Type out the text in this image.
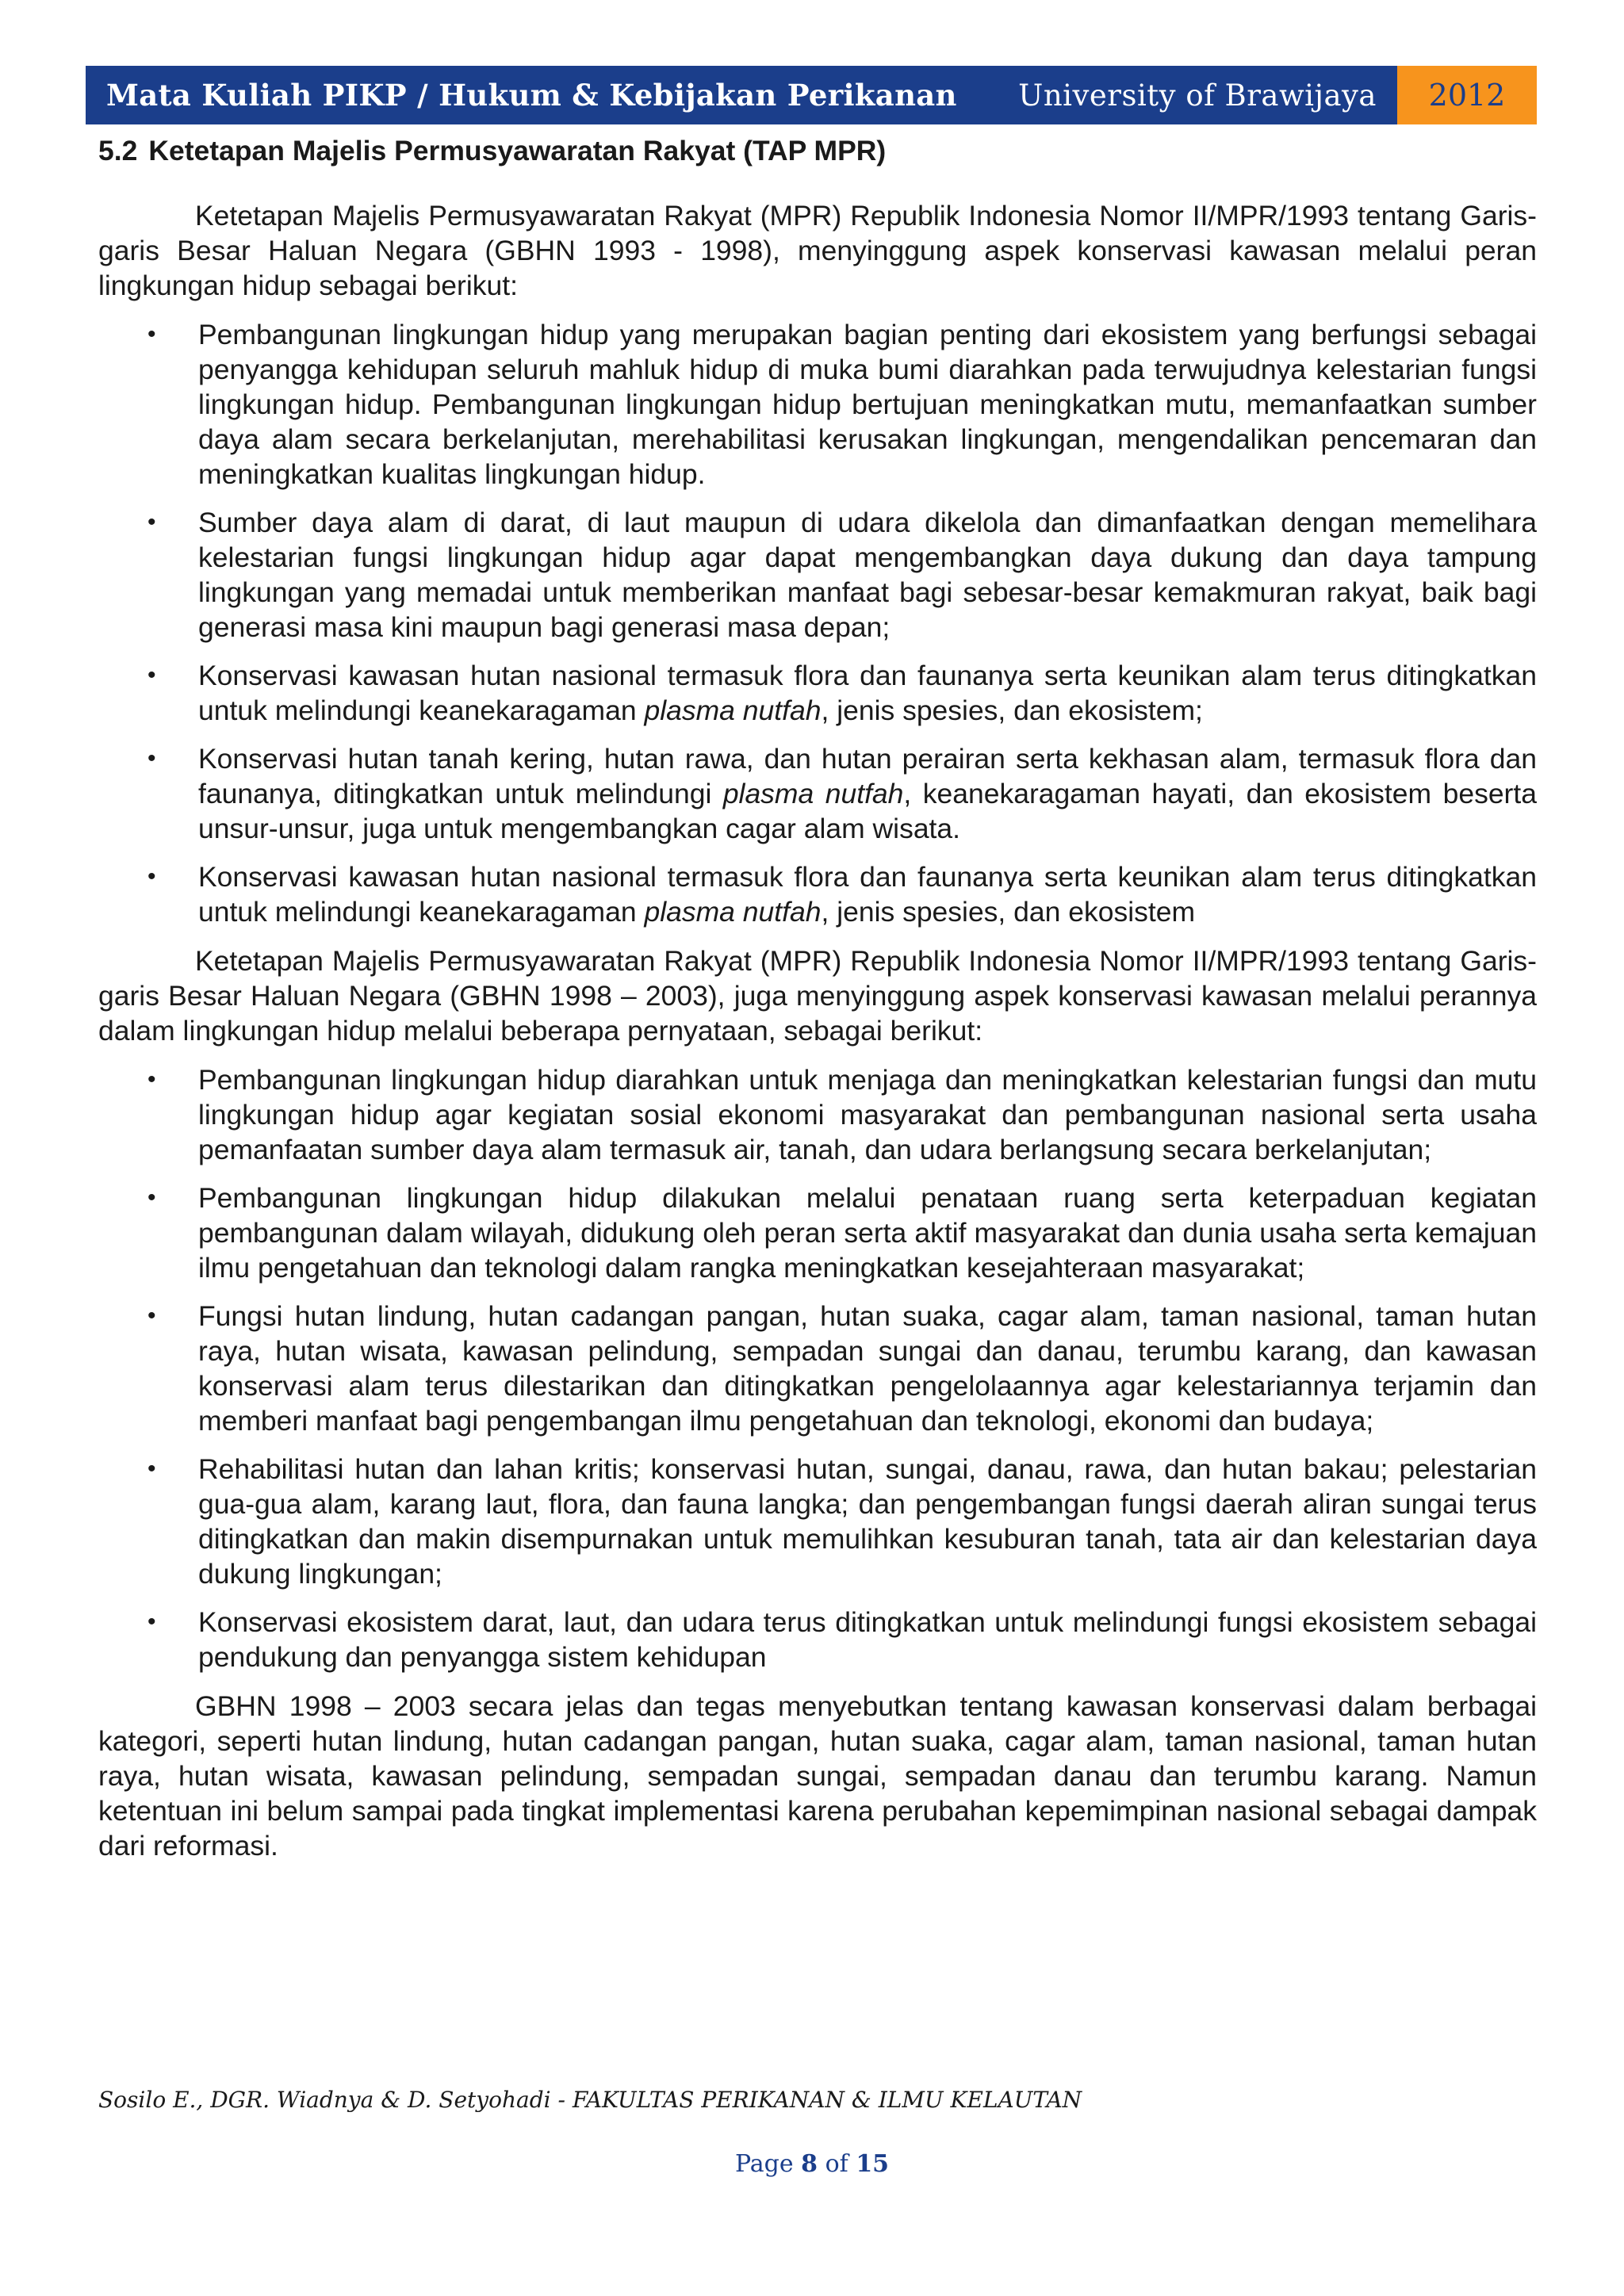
Mata Kuliah PIKP / Hukum & Kebijakan Perikanan University of Brawijaya	2012
5.2 Ketetapan Majelis Permusyawaratan Rakyat (TAP MPR)

Ketetapan Majelis Permusyawaratan Rakyat (MPR) Republik Indonesia Nomor II/MPR/1993 tentang Garis-garis Besar Haluan Negara (GBHN 1993 - 1998), menyinggung aspek konservasi kawasan melalui peran lingkungan hidup sebagai berikut:

• Pembangunan lingkungan hidup yang merupakan bagian penting dari ekosistem yang berfungsi sebagai penyangga kehidupan seluruh mahluk hidup di muka bumi diarahkan pada terwujudnya kelestarian fungsi lingkungan hidup. Pembangunan lingkungan hidup bertujuan meningkatkan mutu, memanfaatkan sumber daya alam secara berkelanjutan, merehabilitasi kerusakan lingkungan, mengendalikan pencemaran dan meningkatkan kualitas lingkungan hidup.
• Sumber daya alam di darat, di laut maupun di udara dikelola dan dimanfaatkan dengan memelihara kelestarian fungsi lingkungan hidup agar dapat mengembangkan daya dukung dan daya tampung lingkungan yang memadai untuk memberikan manfaat bagi sebesar-besar kemakmuran rakyat, baik bagi generasi masa kini maupun bagi generasi masa depan;
• Konservasi kawasan hutan nasional termasuk flora dan faunanya serta keunikan alam terus ditingkatkan untuk melindungi keanekaragaman plasma nutfah, jenis spesies, dan ekosistem;
• Konservasi hutan tanah kering, hutan rawa, dan hutan perairan serta kekhasan alam, termasuk flora dan faunanya, ditingkatkan untuk melindungi plasma nutfah, keanekaragaman hayati, dan ekosistem beserta unsur-unsur, juga untuk mengembangkan cagar alam wisata.
• Konservasi kawasan hutan nasional termasuk flora dan faunanya serta keunikan alam terus ditingkatkan untuk melindungi keanekaragaman plasma nutfah, jenis spesies, dan ekosistem

Ketetapan Majelis Permusyawaratan Rakyat (MPR) Republik Indonesia Nomor II/MPR/1993 tentang Garis-garis Besar Haluan Negara (GBHN 1998 – 2003), juga menyinggung aspek konservasi kawasan melalui perannya dalam lingkungan hidup melalui beberapa pernyataan, sebagai berikut:

• Pembangunan lingkungan hidup diarahkan untuk menjaga dan meningkatkan kelestarian fungsi dan mutu lingkungan hidup agar kegiatan sosial ekonomi masyarakat dan pembangunan nasional serta usaha pemanfaatan sumber daya alam termasuk air, tanah, dan udara berlangsung secara berkelanjutan;
• Pembangunan lingkungan hidup dilakukan melalui penataan ruang serta keterpaduan kegiatan pembangunan dalam wilayah, didukung oleh peran serta aktif masyarakat dan dunia usaha serta kemajuan ilmu pengetahuan dan teknologi dalam rangka meningkatkan kesejahteraan masyarakat;
• Fungsi hutan lindung, hutan cadangan pangan, hutan suaka, cagar alam, taman nasional, taman hutan raya, hutan wisata, kawasan pelindung, sempadan sungai dan danau, terumbu karang, dan kawasan konservasi alam terus dilestarikan dan ditingkatkan pengelolaannya agar kelestariannya terjamin dan memberi manfaat bagi pengembangan ilmu pengetahuan dan teknologi, ekonomi dan budaya;
• Rehabilitasi hutan dan lahan kritis; konservasi hutan, sungai, danau, rawa, dan hutan bakau; pelestarian gua-gua alam, karang laut, flora, dan fauna langka; dan pengembangan fungsi daerah aliran sungai terus ditingkatkan dan makin disempurnakan untuk memulihkan kesuburan tanah, tata air dan kelestarian daya dukung lingkungan;
• Konservasi ekosistem darat, laut, dan udara terus ditingkatkan untuk melindungi fungsi ekosistem sebagai pendukung dan penyangga sistem kehidupan

GBHN 1998 – 2003 secara jelas dan tegas menyebutkan tentang kawasan konservasi dalam berbagai kategori, seperti hutan lindung, hutan cadangan pangan, hutan suaka, cagar alam, taman nasional, taman hutan raya, hutan wisata, kawasan pelindung, sempadan sungai, sempadan danau dan terumbu karang. Namun ketentuan ini belum sampai pada tingkat implementasi karena perubahan kepemimpinan nasional sebagai dampak dari reformasi.

Sosilo E., DGR. Wiadnya & D. Setyohadi - FAKULTAS PERIKANAN & ILMU KELAUTAN
Page 8 of 15
